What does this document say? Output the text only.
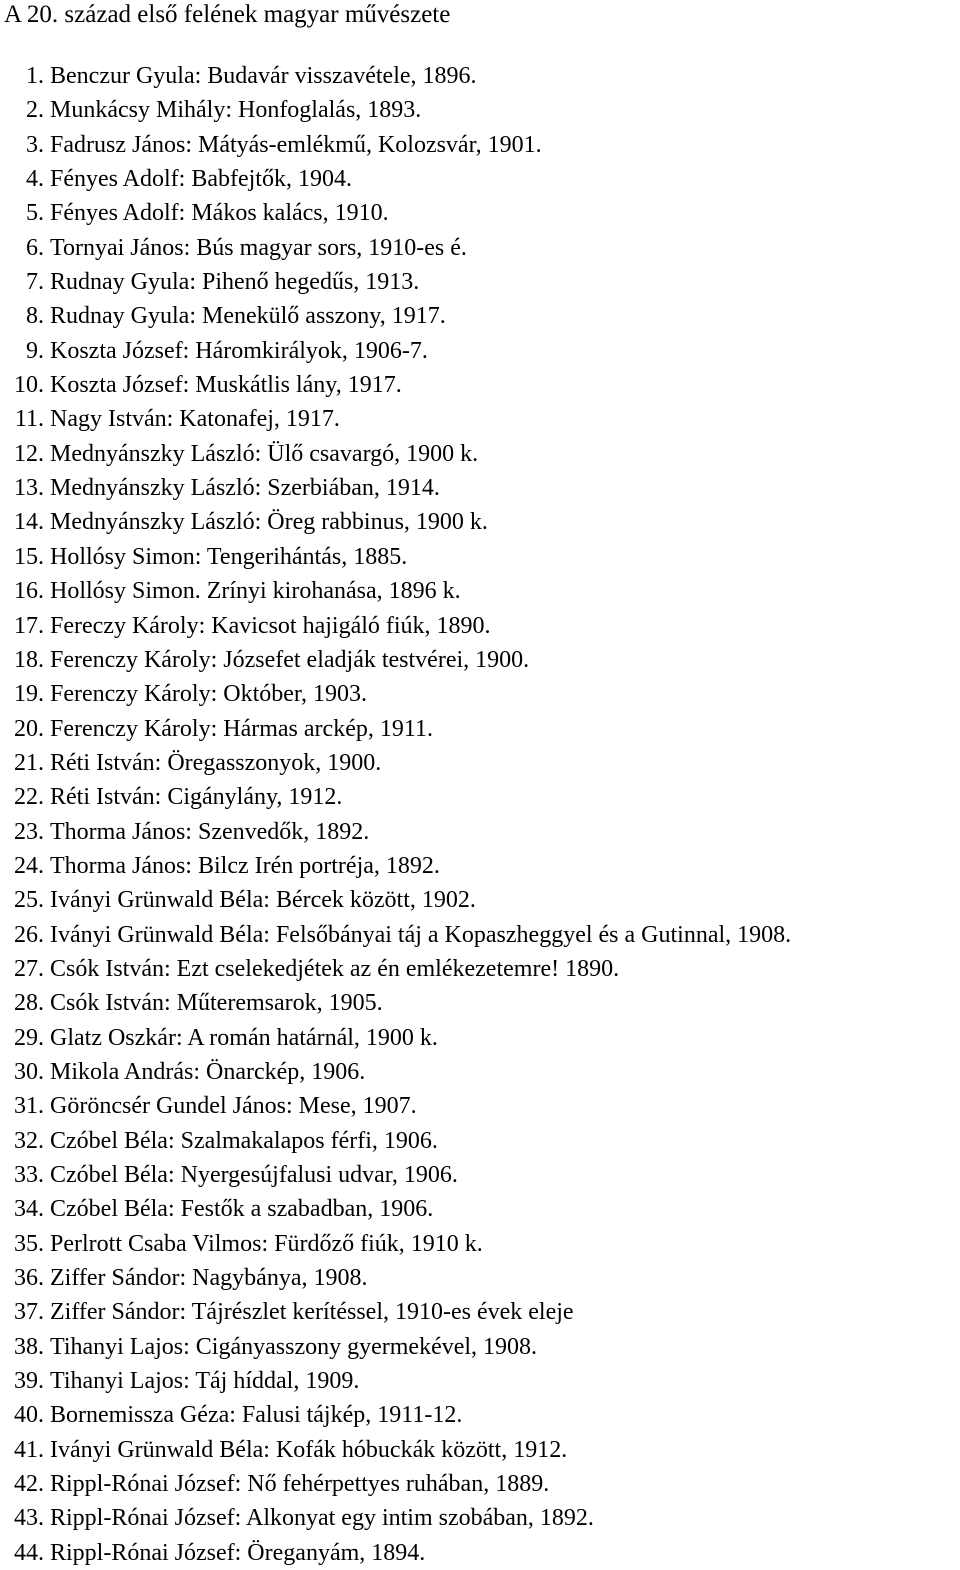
A 20. század első felének magyar művészete
1. Benczur Gyula: Budavár visszavétele, 1896.
2. Munkácsy Mihály: Honfoglalás, 1893.
3. Fadrusz János: Mátyás-emlékmű, Kolozsvár, 1901.
4. Fényes Adolf: Babfejtők, 1904.
5. Fényes Adolf: Mákos kalács, 1910.
6. Tornyai János: Bús magyar sors, 1910-es é.
7. Rudnay Gyula: Pihenő hegedűs, 1913.
8. Rudnay Gyula: Menekülő asszony, 1917.
9. Koszta József: Háromkirályok, 1906-7.
10. Koszta József: Muskátlis lány, 1917.
11. Nagy István: Katonafej, 1917.
12. Mednyánszky László: Ülő csavargó, 1900 k.
13. Mednyánszky László: Szerbiában, 1914.
14. Mednyánszky László: Öreg rabbinus, 1900 k.
15. Hollósy Simon: Tengerihántás, 1885.
16. Hollósy Simon. Zrínyi kirohanása, 1896 k.
17. Fereczy Károly: Kavicsot hajigáló fiúk, 1890.
18. Ferenczy Károly: Józsefet eladják testvérei, 1900.
19. Ferenczy Károly: Október, 1903.
20. Ferenczy Károly: Hármas arckép, 1911.
21. Réti István: Öregasszonyok, 1900.
22. Réti István: Cigánylány, 1912.
23. Thorma János: Szenvedők, 1892.
24. Thorma János: Bilcz Irén portréja, 1892.
25. Iványi Grünwald Béla: Bércek között, 1902.
26. Iványi Grünwald Béla: Felsőbányai táj a Kopaszheggyel és a Gutinnal, 1908.
27. Csók István: Ezt cselekedjétek az én emlékezetemre! 1890.
28. Csók István: Műteremsarok, 1905.
29. Glatz Oszkár: A román határnál, 1900 k.
30. Mikola András: Önarckép, 1906.
31. Göröncsér Gundel János: Mese, 1907.
32. Czóbel Béla: Szalmakalapos férfi, 1906.
33. Czóbel Béla: Nyergesújfalusi udvar, 1906.
34. Czóbel Béla: Festők a szabadban, 1906.
35. Perlrott Csaba Vilmos: Fürdőző fiúk, 1910 k.
36. Ziffer Sándor: Nagybánya, 1908.
37. Ziffer Sándor: Tájrészlet kerítéssel, 1910-es évek eleje
38. Tihanyi Lajos: Cigányasszony gyermekével, 1908.
39. Tihanyi Lajos: Táj híddal, 1909.
40. Bornemissza Géza: Falusi tájkép, 1911-12.
41. Iványi Grünwald Béla: Kofák hóbuckák között, 1912.
42. Rippl-Rónai József: Nő fehérpettyes ruhában, 1889.
43. Rippl-Rónai József: Alkonyat egy intim szobában, 1892.
44. Rippl-Rónai József: Öreganyám, 1894.
